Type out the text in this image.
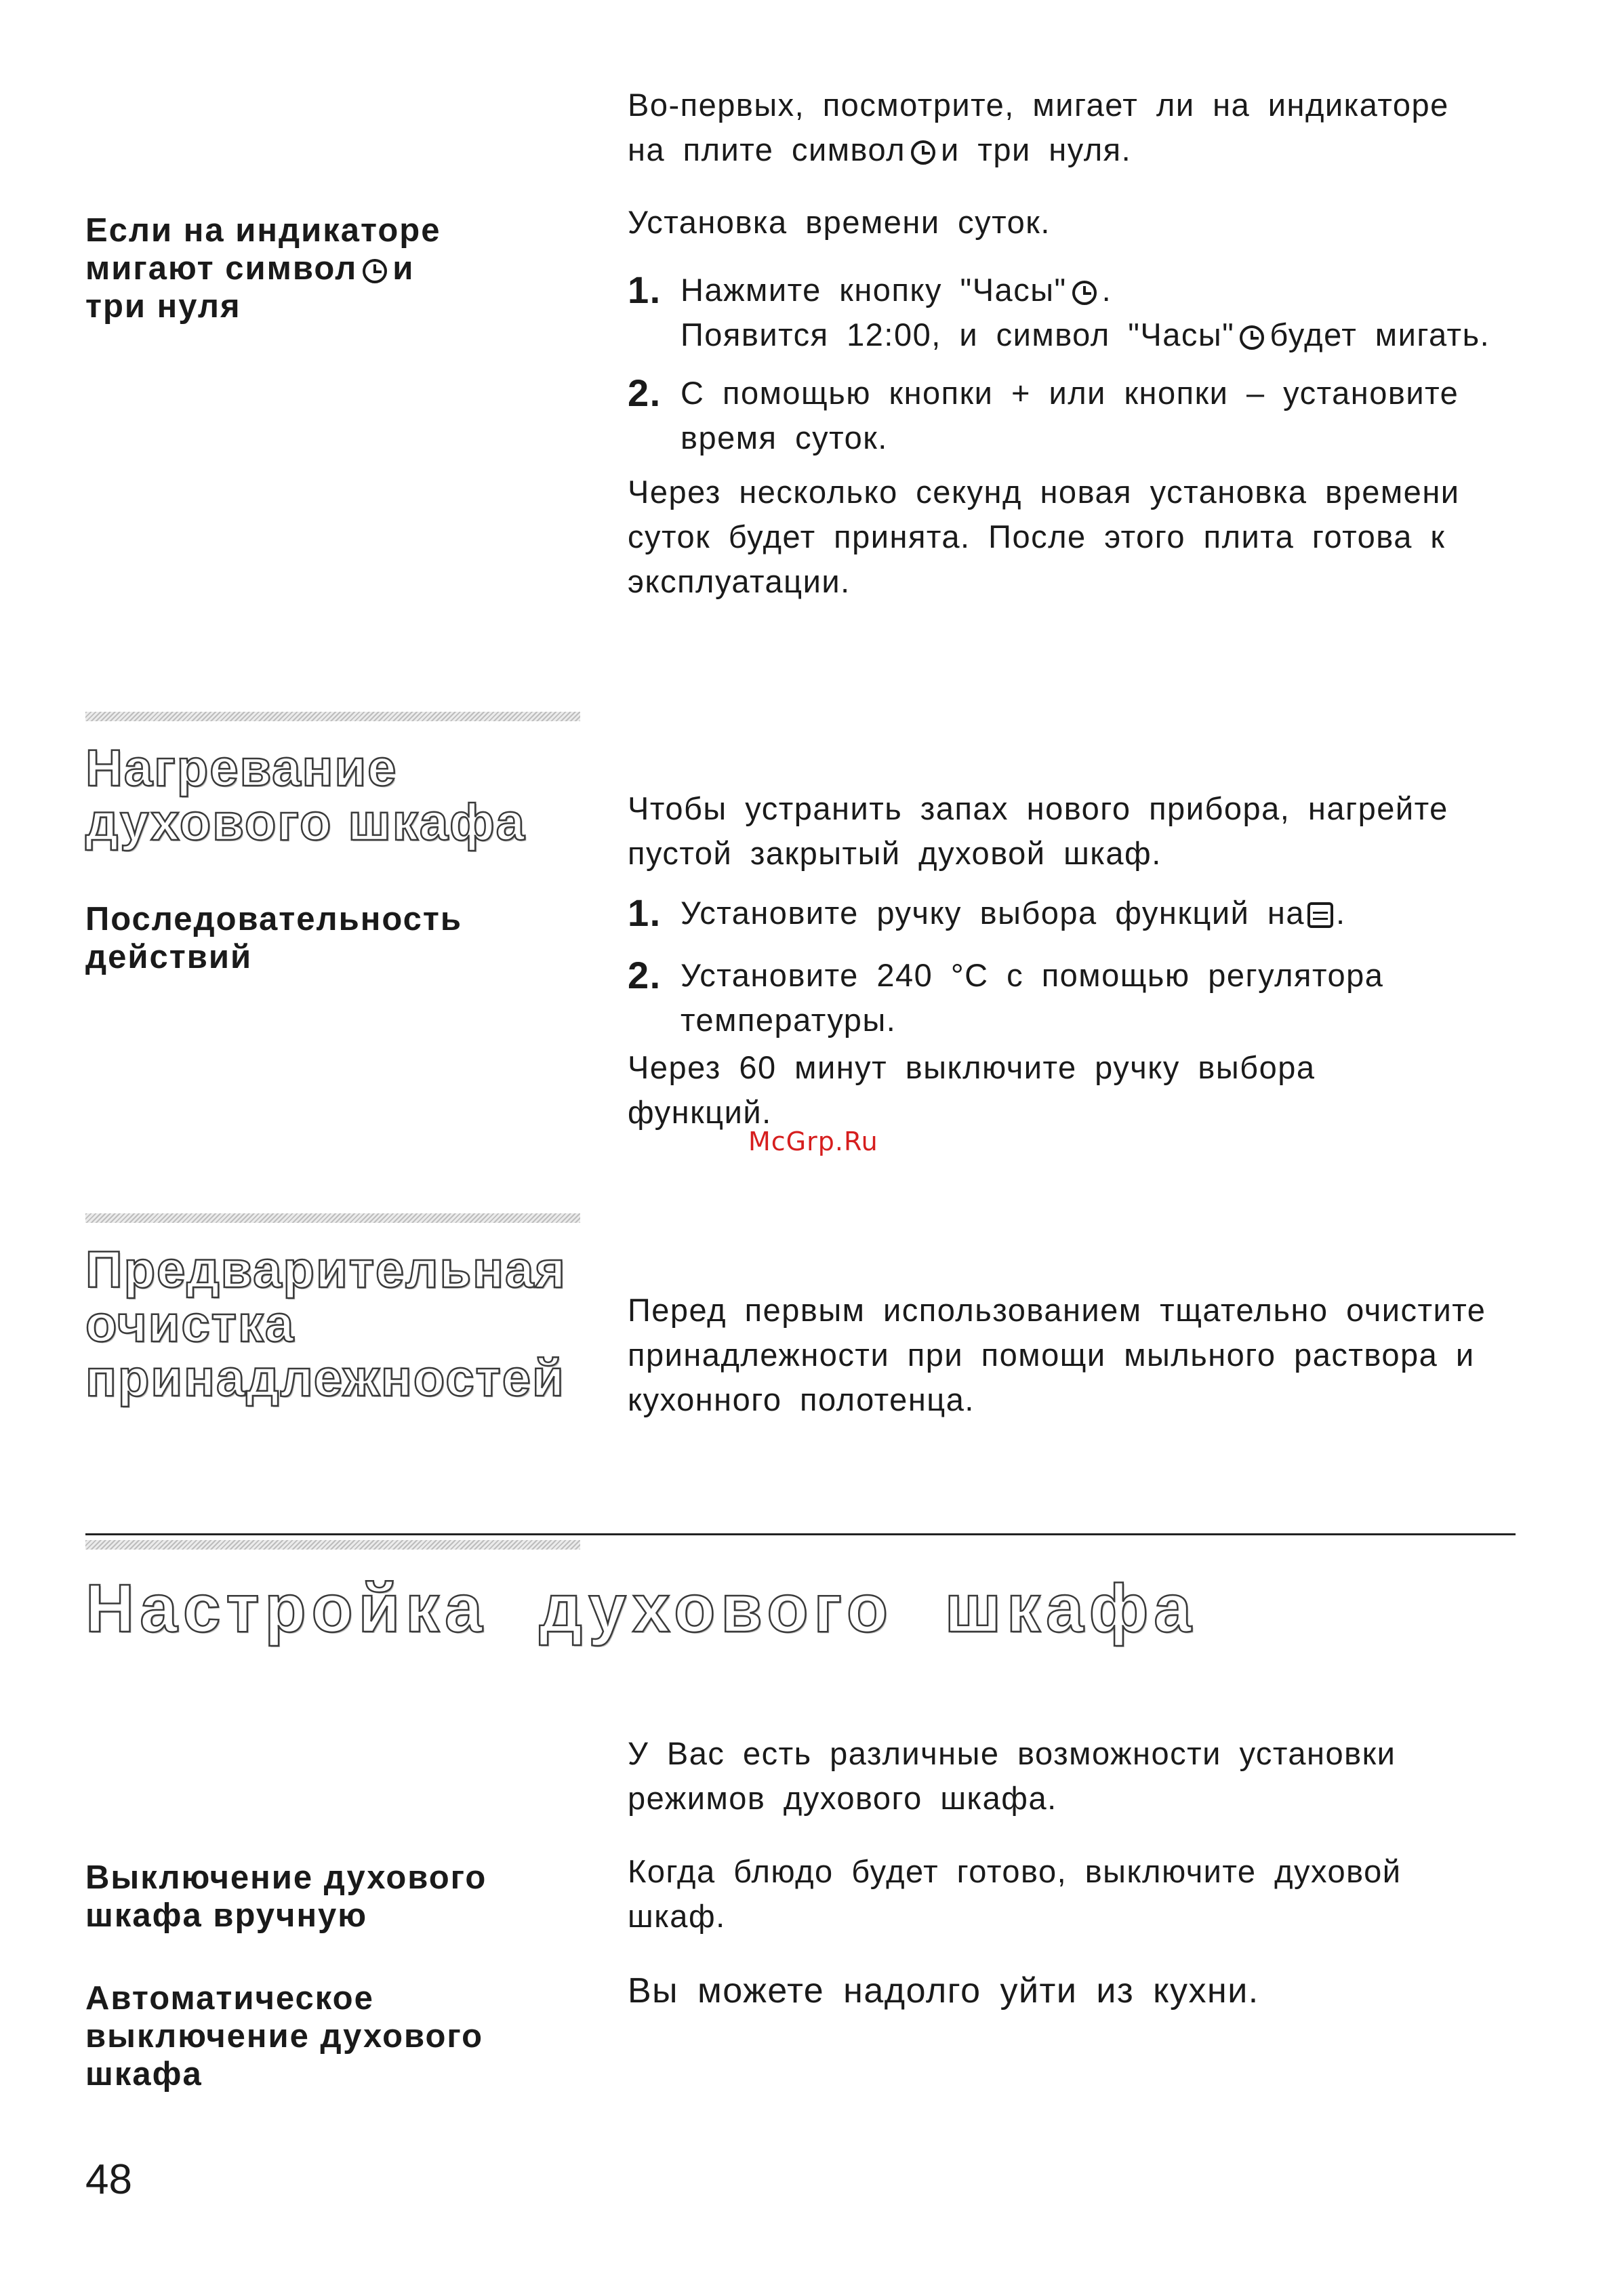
Во-первых, посмотрите, мигает ли на индикаторе
на плите символ и три нуля.
Если на индикаторе
мигают символ и
три нуля
Установка времени суток.
1. Нажмите кнопку "Часы" .
Появится 12:00, и символ "Часы" будет мигать.
2. С помощью кнопки + или кнопки – установите время суток.
Через несколько секунд новая установка времени суток будет принята. После этого плита готова к эксплуатации.
Нагревание
духового шкафа
Последовательность
действий
Чтобы устранить запах нового прибора, нагрейте пустой закрытый духовой шкаф.
1. Установите ручку выбора функций на .
2. Установите 240 °C с помощью регулятора температуры.
Через 60 минут выключите ручку выбора
функций.
McGrp.Ru
Предварительная
очистка
принадлежностей
Перед первым использованием тщательно очистите принадлежности при помощи мыльного раствора и кухонного полотенца.
Настройка духового шкафа
У Вас есть различные возможности установки режимов духового шкафа.
Выключение духового
шкафа вручную
Когда блюдо будет готово, выключите духовой шкаф.
Автоматическое
выключение духового
шкафа
Вы можете надолго уйти из кухни.
48
